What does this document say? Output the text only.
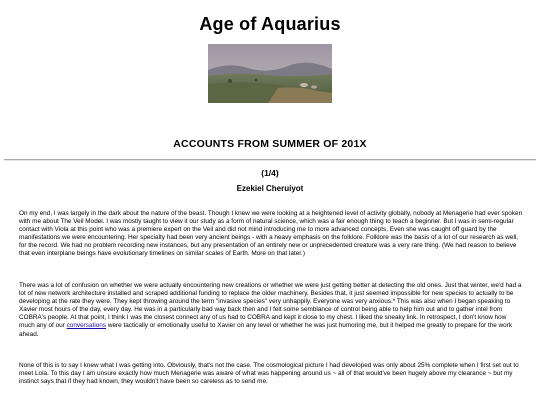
Age of Aquarius
ACCOUNTS FROM SUMMER OF 201X
(1/4)
Ezekiel Cheruiyot

On my end, I was largely in the dark about the nature of the beast. Though I knew we were looking at a heightened level of activity globally, nobody at Menagerie had ever spoken with me about The Veil Model. I was mostly taught to view it our study as a form of natural science, which was a fair enough thing to teach a beginner. But I was in semi-regular contact with Viola at this point who was a premiere expert on the Veil and did not mind introducing me to more advanced concepts. Even she was caught off guard by the manifestations we were encountering. Her specialty had been very ancient beings - with a heavy emphasis on the folklore. Folklore was the basis of a lot of our research as well, for the record. We had no problem recording new instances, but any presentation of an entirely new or unprecedented creature was a very rare thing. (We had reason to believe that even interplane beings have evolutionary timelines on similar scales of Earth. More on that later.)

There was a lot of confusion on whether we were actually encountering new creations or whether we were just getting better at detecting the old ones. Just that winter, we'd had a lot of new network architecture installed and scraped additional funding to replace the older machinery. Besides that, it just seemed impossible for new species to actually to be developing at the rate they were. They kept throwing around the term "invasive species" very unhappily. Everyone was very anxious.* This was also when I began speaking to Xavier most hours of the day, every day. He was in a particularly bad way back then and I felt some semblance of control being able to help him out and to gather intel from COBRA's people. At that point, I think I was the closest connect any of us had to COBRA and kept it close to my chest. I liked the sneaky link. In retrospect, I don't know how much any of our conversations were tactically or emotionally useful to Xavier on any level or whether he was just humoring me, but it helped me greatly to prepare for the work ahead.

None of this is to say I knew what I was getting into. Obviously, that's not the case. The cosmological picture I had developed was only about 25% complete when I first set out to meet Lola. To this day I am unsure exactly how much Menagerie was aware of what was happening around us ~ all of that would've been hugely above my clearance ~ but my instinct says that if they had known, they wouldn't have been so careless as to send me.
